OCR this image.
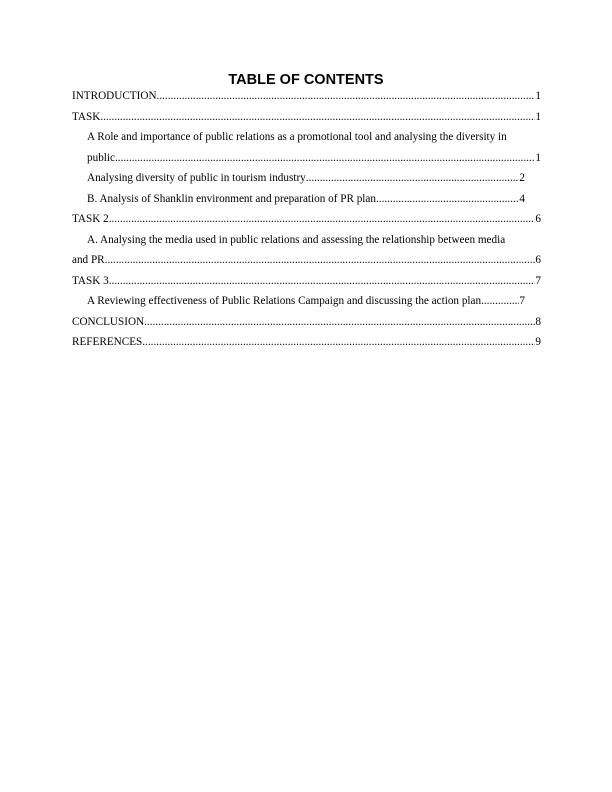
TABLE OF CONTENTS
INTRODUCTION .....	1
TASK .....	1
A Role and importance of public relations as a promotional tool and analysing the diversity in
public .....	1
Analysing diversity of public in tourism industry .....	2
B. Analysis of Shanklin environment and preparation of PR plan .....	4
TASK 2 .....	6
A. Analysing the media used in public relations and assessing the relationship between media
and PR .....	6
TASK 3 .....	7
A Reviewing effectiveness of Public Relations Campaign and discussing the action plan .....	7
CONCLUSION .....	8
REFERENCES .....	9
